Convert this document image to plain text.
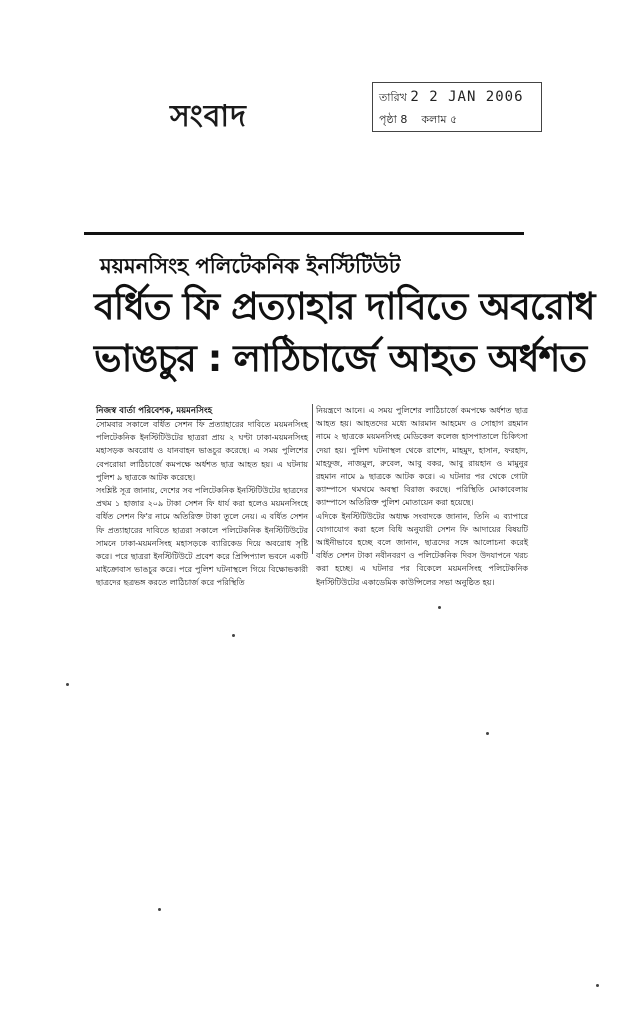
সংবাদ
তারিখ 2 2 JAN 2006
পৃষ্ঠা 8 কলাম ৫
ময়মনসিংহ পলিটেকনিক ইনস্টিটিউট
বর্ধিত ফি প্রত্যাহার দাবিতে অবরোধ
ভাঙচুর : লাঠিচার্জে আহত অর্ধশত
নিজস্ব বার্তা পরিবেশক, ময়মনসিংহ

সোমবার সকালে বর্ধিত সেশন ফি প্রত্যাহারের দাবিতে ময়মনসিংহ পলিটেকনিক ইনস্টিটিউটের ছাত্ররা প্রায় ২ ঘণ্টা ঢাকা-ময়মনসিংহ মহাসড়ক অবরোধ ও যানবাহন ভাঙচুর করেছে। এ সময় পুলিশের বেপরোয়া লাঠিচার্জে কমপক্ষে অর্ধশত ছাত্র আহত হয়। এ ঘটনায় পুলিশ ৯ ছাত্রকে আটক করেছে।

সংশ্লিষ্ট সূত্র জানায়, দেশের সব পলিটেকনিক ইনস্টিটিউটের ছাত্রদের প্রথম ১ হাজার ২০৯ টাকা সেশন ফি ধার্য করা হলেও ময়মনসিংহে বর্ধিত সেশন ফি'র নামে অতিরিক্ত টাকা তুলে নেয়। এ বর্ধিত সেশন ফি প্রত্যাহারের দাবিতে ছাত্ররা সকালে পলিটেকনিক ইনস্টিটিউটের সামনে ঢাকা-ময়মনসিংহ মহাসড়কে ব্যারিকেড দিয়ে অবরোধ সৃষ্টি করে। পরে ছাত্ররা ইনস্টিটিউটে প্রবেশ করে প্রিন্সিপ্যাল ভবনে একটি মাইক্রোবাস ভাঙচুর করে। পরে পুলিশ ঘটনাস্থলে গিয়ে বিক্ষোভকারী ছাত্রদের ছত্রভঙ্গ করতে লাঠিচার্জ করে পরিস্থিতি

নিয়ন্ত্রণে আনে। এ সময় পুলিশের লাঠিচার্জে কমপক্ষে অর্ধশত ছাত্র আহত হয়। আহতদের মধ্যে আরমান আহমেদ ও সোহাগ রহমান নামে ২ ছাত্রকে ময়মনসিংহ মেডিকেল কলেজ হাসপাতালে চিকিৎসা দেয়া হয়। পুলিশ ঘটনাস্থল থেকে রাশেদ, মাহমুদ, হাসান, ফরহাদ, মাহফুজ, নাজমুল, রুবেল, আবু বকর, আবু রায়হান ও মামুনুর রহমান নামে ৯ ছাত্রকে আটক করে। এ ঘটনার পর থেকে গোটা ক্যাম্পাসে থমথমে অবস্থা বিরাজ করছে। পরিস্থিতি মোকাবেলায় ক্যাম্পাসে অতিরিক্ত পুলিশ মোতায়েন করা হয়েছে।

এদিকে ইনস্টিটিউটের অধ্যক্ষ সংবাদকে জানান, তিনি এ ব্যাপারে যোগাযোগ করা হলে বিধি অনুযায়ী সেশন ফি আদায়ের বিষয়টি আইনীভাবে হচ্ছে বলে জানান, ছাত্রদের সঙ্গে আলোচনা করেই বর্ধিত সেশন টাকা নবীনবরণ ও পলিটেকনিক দিবস উদযাপনে খরচ করা হচ্ছে। এ ঘটনার পর বিকেলে ময়মনসিংহ পলিটেকনিক ইনস্টিটিউটের একাডেমিক কাউন্সিলের সভা অনুষ্ঠিত হয়।
